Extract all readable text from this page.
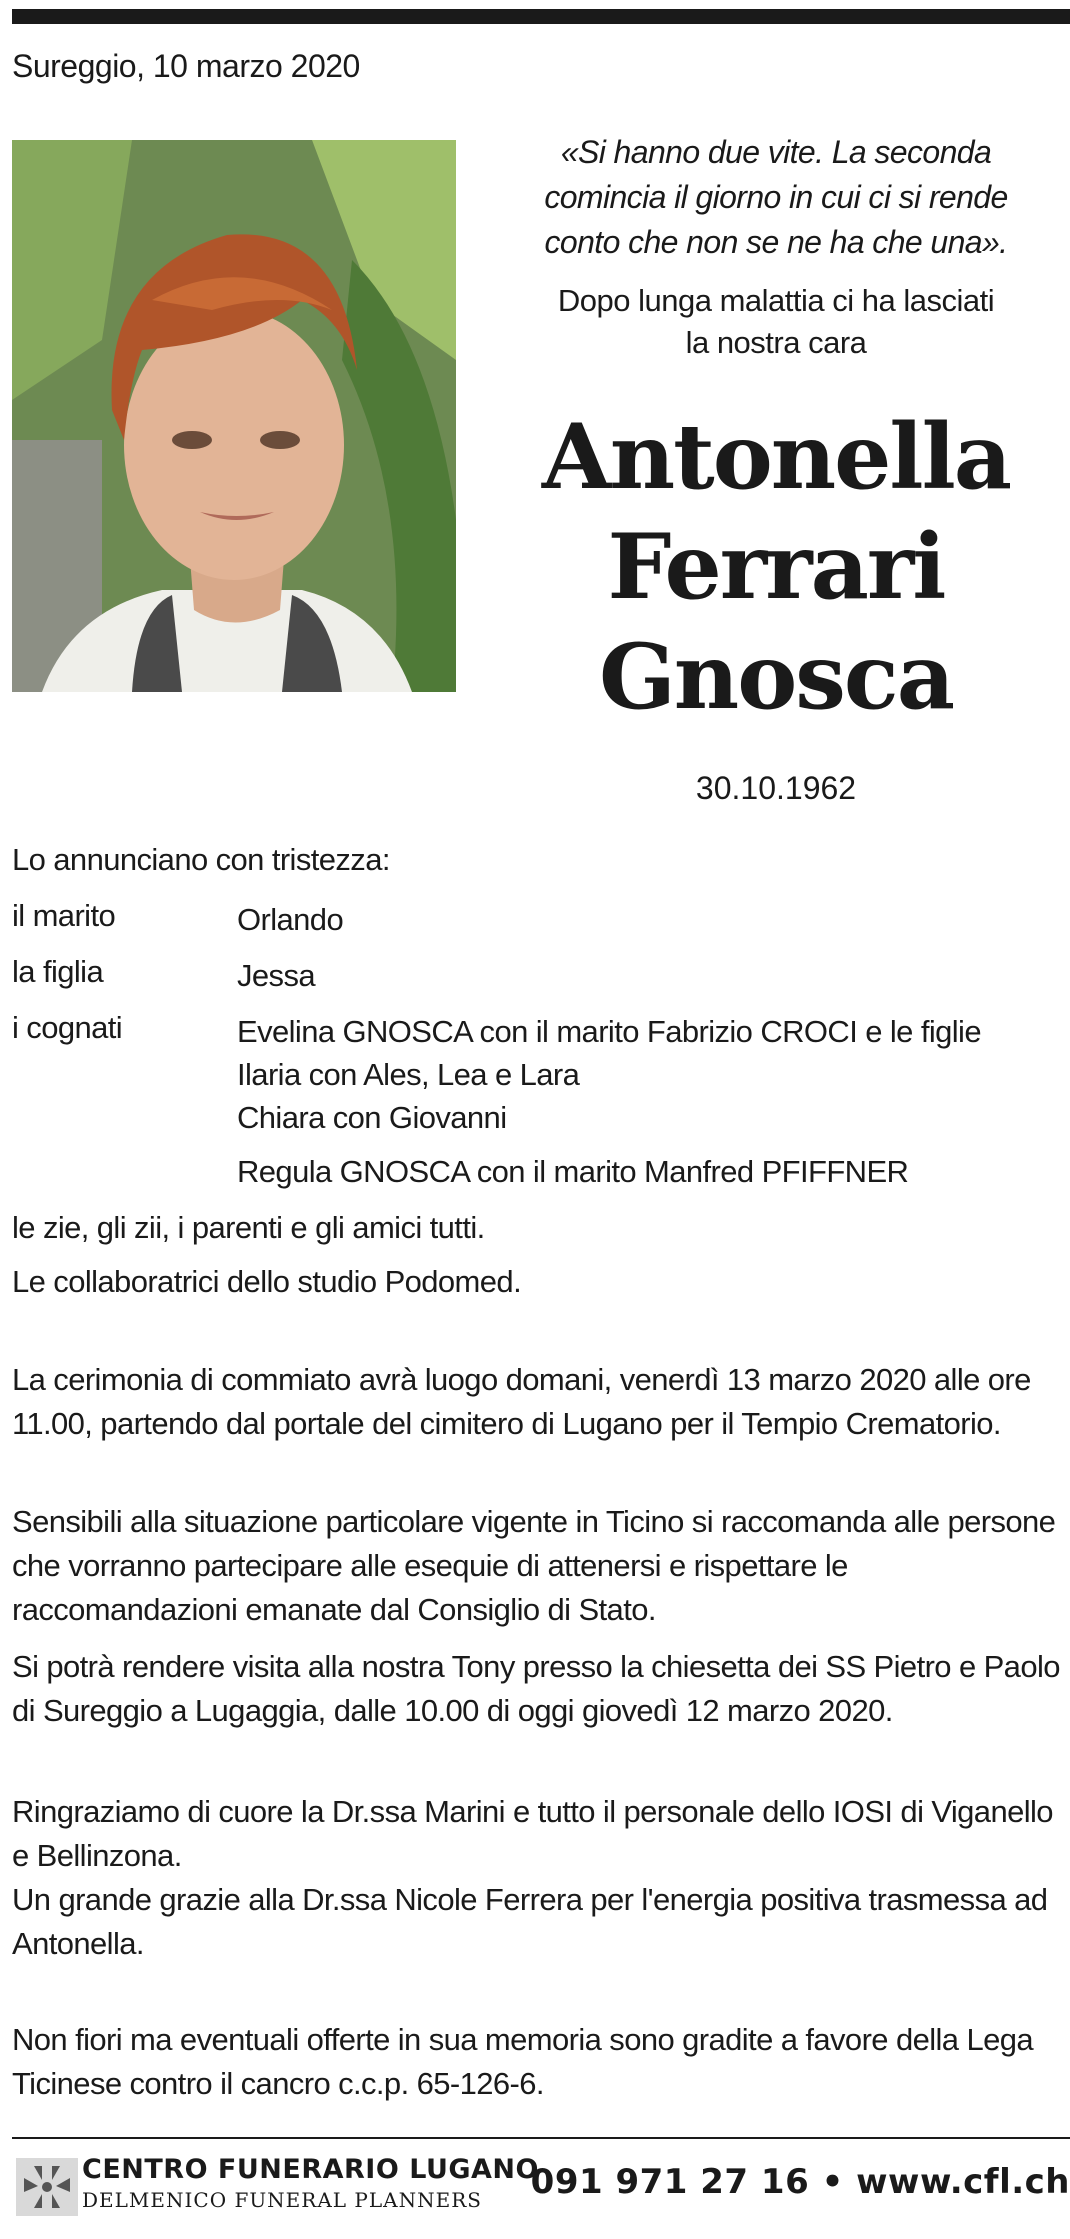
Sureggio, 10 marzo 2020
«Si hanno due vite. La seconda
comincia il giorno in cui ci si rende
conto che non se ne ha che una».
Dopo lunga malattia ci ha lasciati
la nostra cara
Antonella
Ferrari
Gnosca
30.10.1962
Lo annunciano con tristezza:
il marito	Orlando
la figlia	Jessa
i cognati	Evelina GNOSCA con il marito Fabrizio CROCI e le figlie
Ilaria con Ales, Lea e Lara
Chiara con Giovanni
Regula GNOSCA con il marito Manfred PFIFFNER
le zie, gli zii, i parenti e gli amici tutti.
Le collaboratrici dello studio Podomed.
La cerimonia di commiato avrà luogo domani, venerdì 13 marzo 2020 alle ore 11.00, partendo dal portale del cimitero di Lugano per il Tempio Crematorio.
Sensibili alla situazione particolare vigente in Ticino si raccomanda alle persone che vorranno partecipare alle esequie di attenersi e rispettare le raccomandazioni emanate dal Consiglio di Stato.
Si potrà rendere visita alla nostra Tony presso la chiesetta dei SS Pietro e Paolo di Sureggio a Lugaggia, dalle 10.00 di oggi giovedì 12 marzo 2020.
Ringraziamo di cuore la Dr.ssa Marini e tutto il personale dello IOSI di Viganello e Bellinzona.
Un grande grazie alla Dr.ssa Nicole Ferrera per l'energia positiva trasmessa ad Antonella.
Non fiori ma eventuali offerte in sua memoria sono gradite a favore della Lega Ticinese contro il cancro c.c.p. 65-126-6.
CENTRO FUNERARIO LUGANO
DELMENICO FUNERAL PLANNERS 091 971 27 16 • www.cfl.ch
